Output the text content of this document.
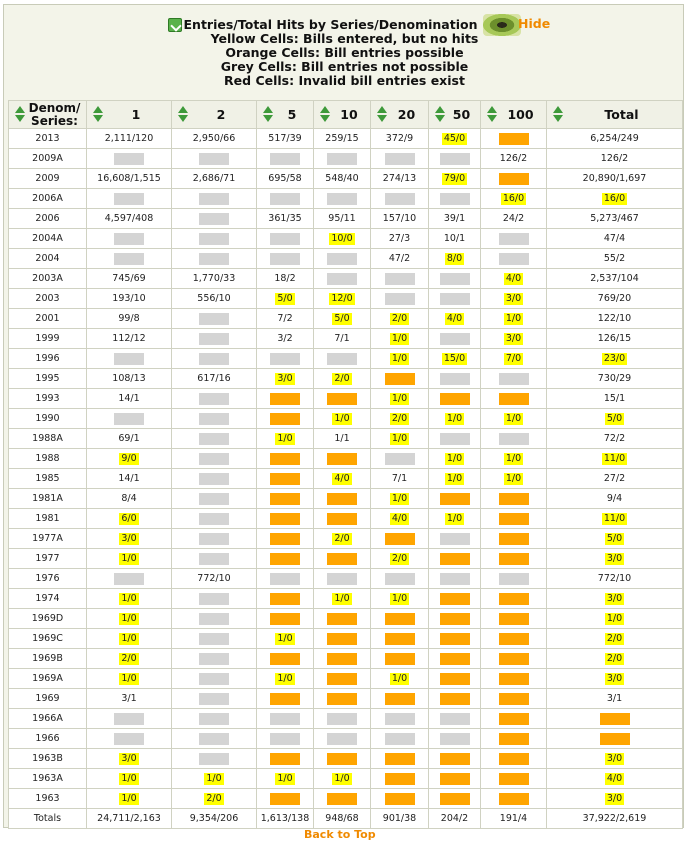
Entries/Total Hits by Series/Denomination	Hide
Yellow Cells: Bills entered, but no hits
Orange Cells: Bill entries possible
Grey Cells: Bill entries not possible
Red Cells: Invalid bill entries exist
Denom/
Series:	1	2	5	10	20	50	100	Total
2013	2,111/120	2,950/66	517/39	259/15	372/9	45/0		6,254/249
2009A							126/2	126/2
2009	16,608/1,515	2,686/71	695/58	548/40	274/13	79/0		20,890/1,697
2006A							16/0	16/0
2006	4,597/408		361/35	95/11	157/10	39/1	24/2	5,273/467
2004A				10/0	27/3	10/1		47/4
2004					47/2	8/0		55/2
2003A	745/69	1,770/33	18/2				4/0	2,537/104
2003	193/10	556/10	5/0	12/0			3/0	769/20
2001	99/8		7/2	5/0	2/0	4/0	1/0	122/10
1999	112/12		3/2	7/1	1/0		3/0	126/15
1996					1/0	15/0	7/0	23/0
1995	108/13	617/16	3/0	2/0				730/29
1993	14/1				1/0			15/1
1990				1/0	2/0	1/0	1/0	5/0
1988A	69/1		1/0	1/1	1/0			72/2
1988	9/0					1/0	1/0	11/0
1985	14/1			4/0	7/1	1/0	1/0	27/2
1981A	8/4				1/0			9/4
1981	6/0				4/0	1/0		11/0
1977A	3/0			2/0				5/0
1977	1/0				2/0			3/0
1976		772/10						772/10
1974	1/0			1/0	1/0			3/0
1969D	1/0							1/0
1969C	1/0		1/0					2/0
1969B	2/0							2/0
1969A	1/0		1/0		1/0			3/0
1969	3/1							3/1
1966A								
1966								
1963B	3/0							3/0
1963A	1/0	1/0	1/0	1/0				4/0
1963	1/0	2/0						3/0
Totals	24,711/2,163	9,354/206	1,613/138	948/68	901/38	204/2	191/4	37,922/2,619
Back to Top
